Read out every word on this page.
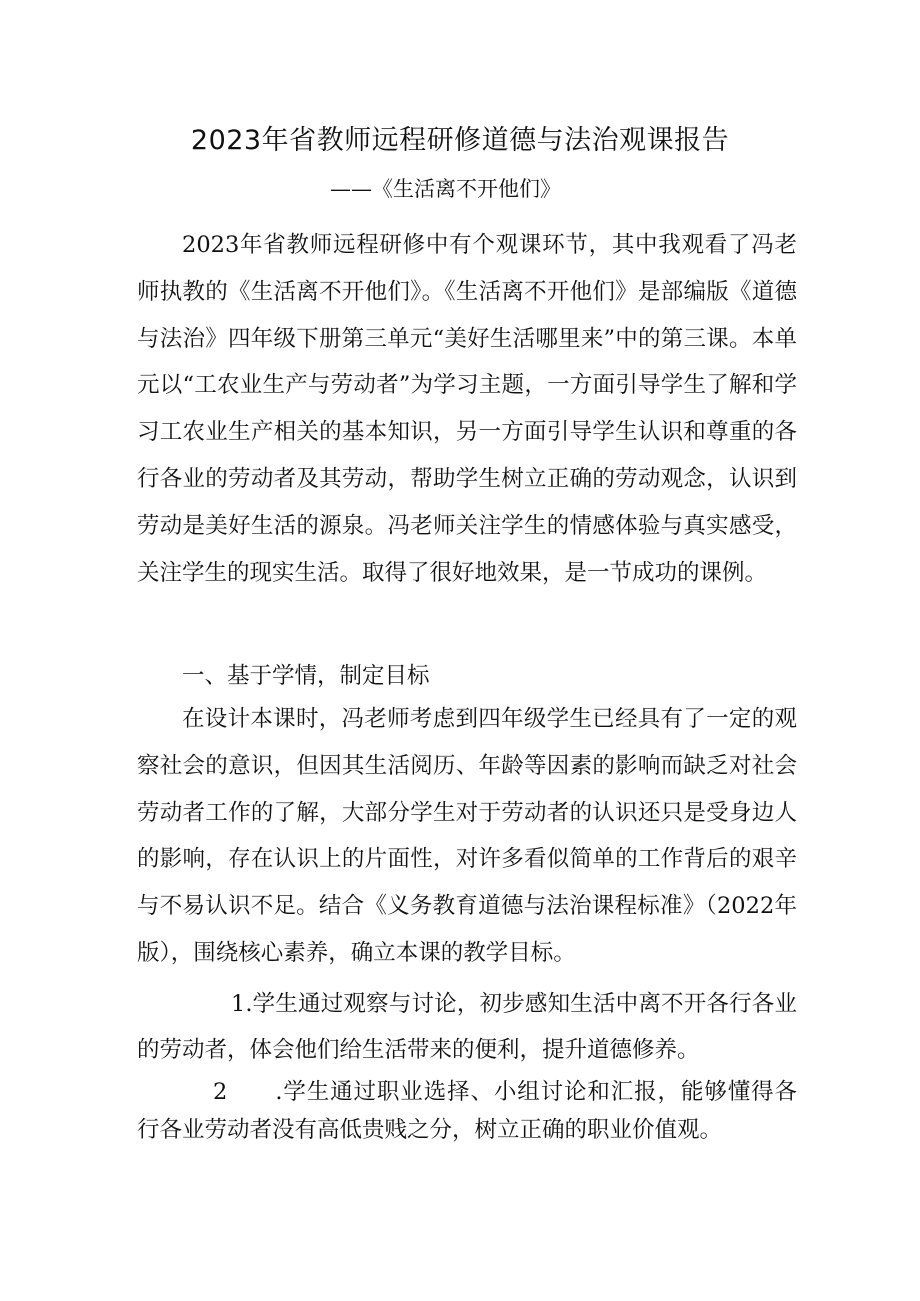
2023年省教师远程研修道德与法治观课报告
——《生活离不开他们》

2023年省教师远程研修中有个观课环节，其中我观看了冯老师执教的《生活离不开他们》。《生活离不开他们》是部编版《道德与法治》四年级下册第三单元“美好生活哪里来”中的第三课。本单元以“工农业生产与劳动者”为学习主题，一方面引导学生了解和学习工农业生产相关的基本知识，另一方面引导学生认识和尊重的各行各业的劳动者及其劳动，帮助学生树立正确的劳动观念，认识到劳动是美好生活的源泉。冯老师关注学生的情感体验与真实感受，关注学生的现实生活。取得了很好地效果，是一节成功的课例。

一、基于学情，制定目标

在设计本课时，冯老师考虑到四年级学生已经具有了一定的观察社会的意识，但因其生活阅历、年龄等因素的影响而缺乏对社会劳动者工作的了解，大部分学生对于劳动者的认识还只是受身边人的影响，存在认识上的片面性，对许多看似简单的工作背后的艰辛与不易认识不足。结合《义务教育道德与法治课程标准》（2022年版），围绕核心素养，确立本课的教学目标。

1.学生通过观察与讨论，初步感知生活中离不开各行各业的劳动者，体会他们给生活带来的便利，提升道德修养。

2 .学生通过职业选择、小组讨论和汇报，能够懂得各行各业劳动者没有高低贵贱之分，树立正确的职业价值观。
